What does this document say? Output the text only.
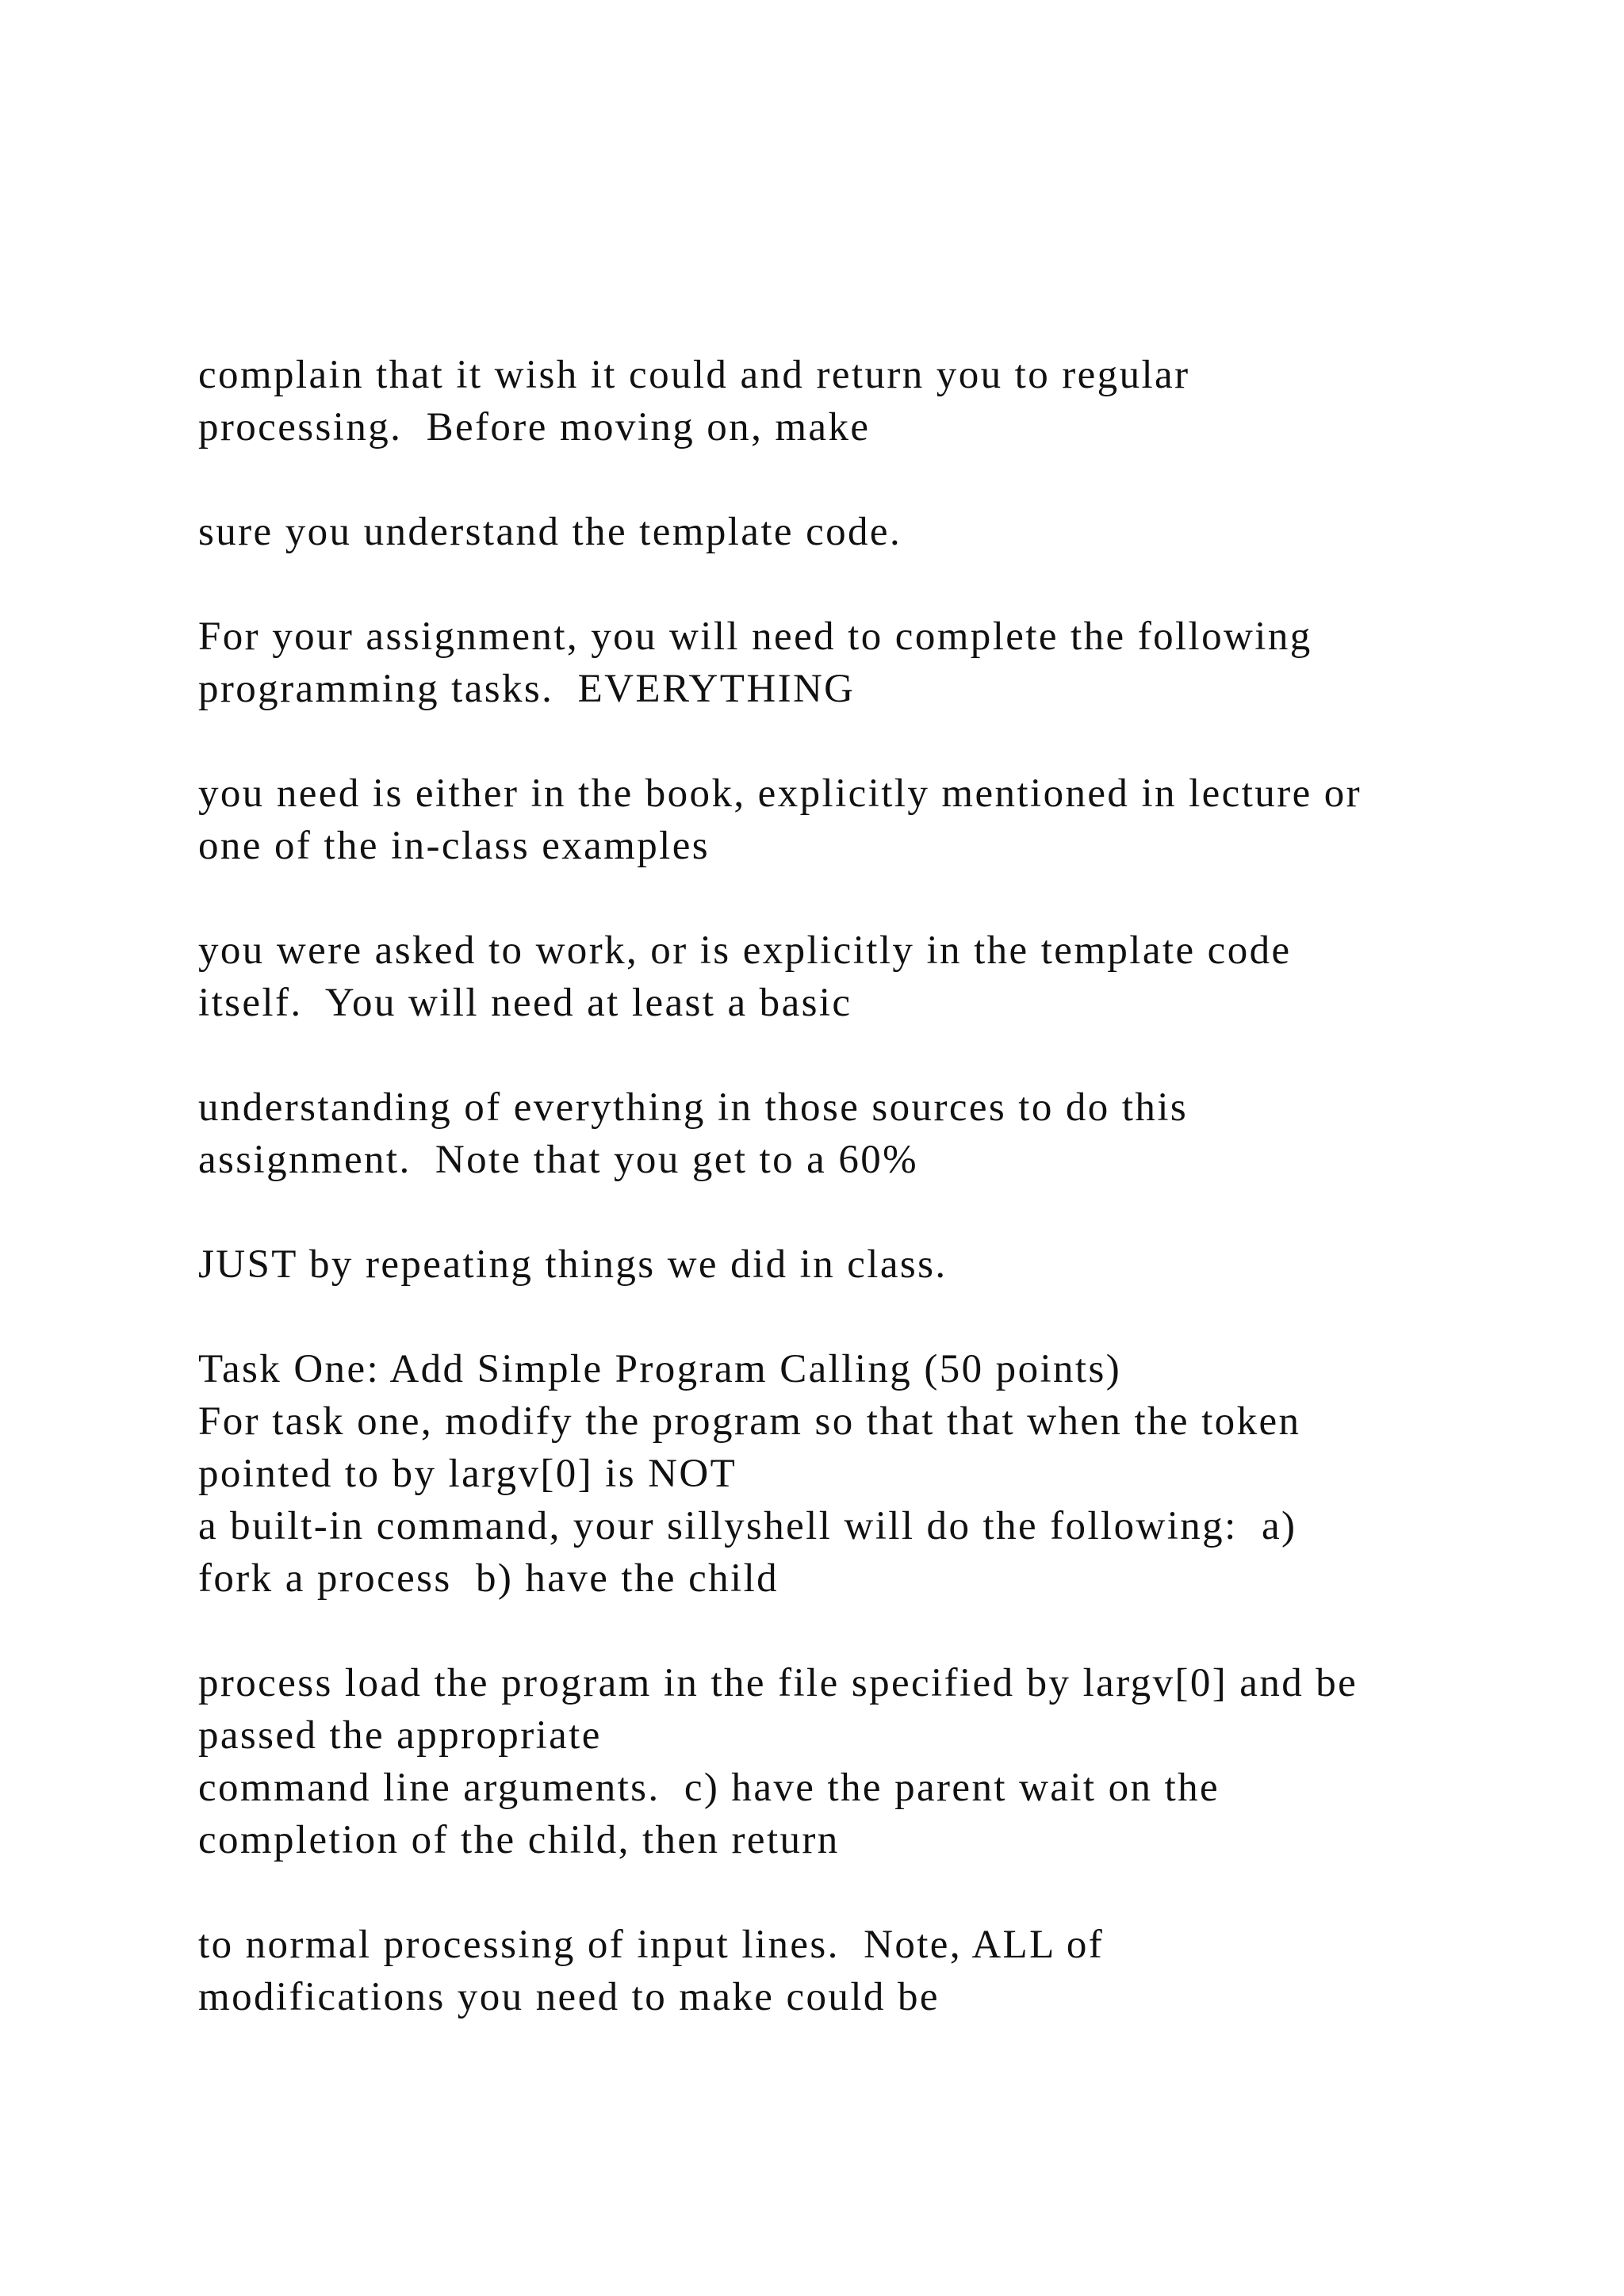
complain that it wish it could and return you to regular
processing.  Before moving on, make

sure you understand the template code.

For your assignment, you will need to complete the following
programming tasks.  EVERYTHING

you need is either in the book, explicitly mentioned in lecture or
one of the in-class examples

you were asked to work, or is explicitly in the template code
itself.  You will need at least a basic

understanding of everything in those sources to do this
assignment.  Note that you get to a 60%

JUST by repeating things we did in class.

Task One: Add Simple Program Calling (50 points)
For task one, modify the program so that that when the token
pointed to by largv[0] is NOT
a built-in command, your sillyshell will do the following:  a)
fork a process  b) have the child

process load the program in the file specified by largv[0] and be
passed the appropriate
command line arguments.  c) have the parent wait on the
completion of the child, then return

to normal processing of input lines.  Note, ALL of
modifications you need to make could be
